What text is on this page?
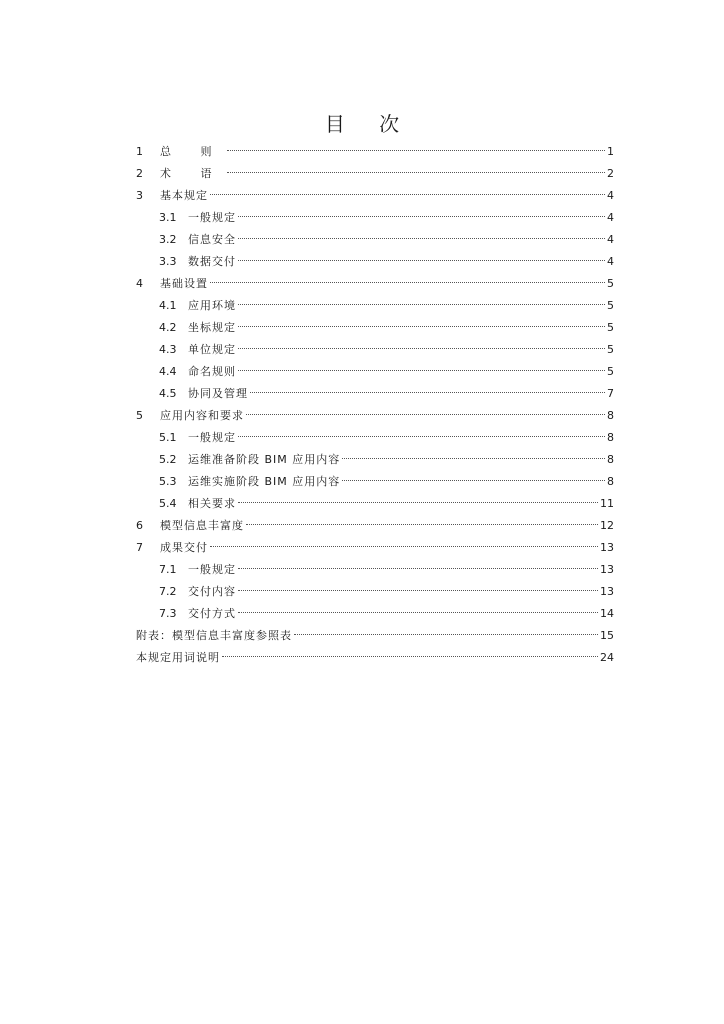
目 次
1	总 则	1
2	术 语	2
3	基本规定	4
3.1	一般规定	4
3.2	信息安全	4
3.3	数据交付	4
4	基础设置	5
4.1	应用环境	5
4.2	坐标规定	5
4.3	单位规定	5
4.4	命名规则	5
4.5	协同及管理	7
5	应用内容和要求	8
5.1	一般规定	8
5.2	运维准备阶段 BIM 应用内容	8
5.3	运维实施阶段 BIM 应用内容	8
5.4	相关要求	11
6	模型信息丰富度	12
7	成果交付	13
7.1	一般规定	13
7.2	交付内容	13
7.3	交付方式	14
附表：模型信息丰富度参照表	15
本规定用词说明	24
